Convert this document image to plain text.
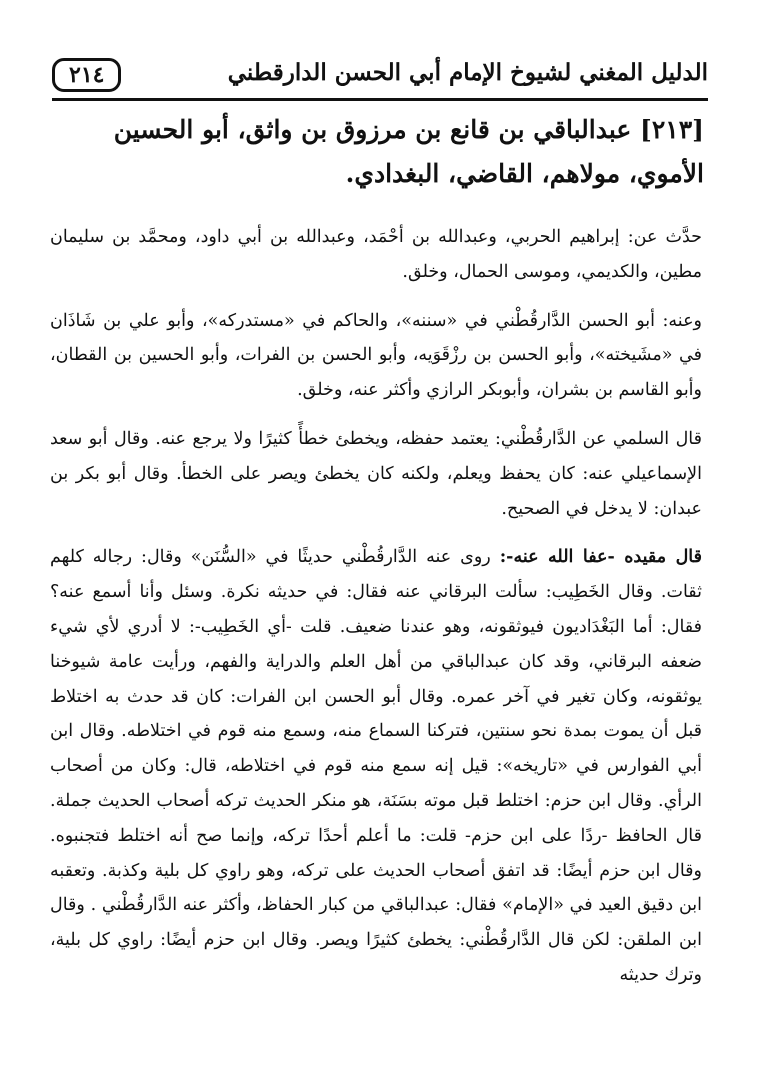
٢١٤	الدليل المغني لشيوخ الإمام أبي الحسن الدارقطني
[٢١٣] عبدالباقي بن قانع بن مرزوق بن واثق، أبو الحسين الأموي، مولاهم، القاضي، البغدادي.

حدَّث عن: إبراهيم الحربي، وعبدالله بن أحْمَد، وعبدالله بن أبي داود، ومحمَّد بن سليمان مطين، والكديمي، وموسى الحمال، وخلق.

وعنه: أبو الحسن الدَّارقُطْني في «سننه»، والحاكم في «مستدركه»، وأبو علي بن شَاذَان في «مشَيخته»، وأبو الحسن بن رزْقَوَيه، وأبو الحسن بن الفرات، وأبو الحسين بن القطان، وأبو القاسم بن بشران، وأبوبكر الرازي وأكثر عنه، وخلق.

قال السلمي عن الدَّارقُطْني: يعتمد حفظه، ويخطئ خطأً كثيرًا ولا يرجع عنه. وقال أبو سعد الإسماعيلي عنه: كان يحفظ ويعلم، ولكنه كان يخطئ ويصر على الخطأ. وقال أبو بكر بن عبدان: لا يدخل في الصحيح.

قال مقيده -عفا الله عنه-: روى عنه الدَّارقُطْني حديثًا في «السُّنَن» وقال: رجاله كلهم ثقات. وقال الخَطِيب: سألت البرقاني عنه فقال: في حديثه نكرة. وسئل وأنا أسمع عنه؟ فقال: أما البَغْدَاديون فيوثقونه، وهو عندنا ضعيف. قلت -أي الخَطِيب-: لا أدري لأي شيء ضعفه البرقاني، وقد كان عبدالباقي من أهل العلم والدراية والفهم، ورأيت عامة شيوخنا يوثقونه، وكان تغير في آخر عمره. وقال أبو الحسن ابن الفرات: كان قد حدث به اختلاط قبل أن يموت بمدة نحو سنتين، فتركنا السماع منه، وسمع منه قوم في اختلاطه. وقال ابن أبي الفوارس في «تاريخه»: قيل إنه سمع منه قوم في اختلاطه، قال: وكان من أصحاب الرأي. وقال ابن حزم: اختلط قبل موته بسَنَة، هو منكر الحديث تركه أصحاب الحديث جملة. قال الحافظ -ردًا على ابن حزم- قلت: ما أعلم أحدًا تركه، وإنما صح أنه اختلط فتجنبوه. وقال ابن حزم أيضًا: قد اتفق أصحاب الحديث على تركه، وهو راوي كل بلية وكذبة. وتعقبه ابن دقيق العيد في «الإمام» فقال: عبدالباقي من كبار الحفاظ، وأكثر عنه الدَّارقُطْني . وقال ابن الملقن: لكن قال الدَّارقُطْني: يخطئ كثيرًا ويصر. وقال ابن حزم أيضًا: راوي كل بلية، وترك حديثه
